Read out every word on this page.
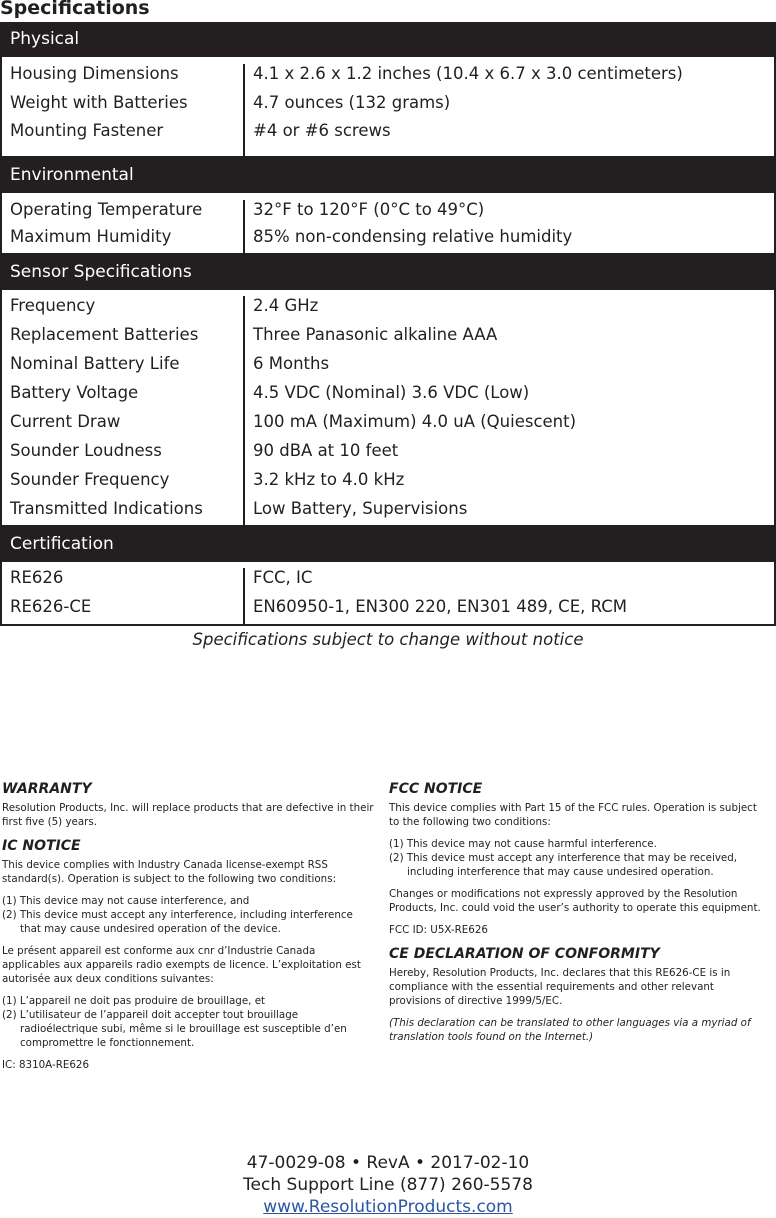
Specifications
Physical
Housing Dimensions
Weight with Batteries
Mounting Fastener
4.1 x 2.6 x 1.2 inches (10.4 x 6.7 x 3.0 centimeters)
4.7 ounces (132 grams)
#4 or #6 screws
Environmental
Operating Temperature
Maximum Humidity
32°F to 120°F (0°C to 49°C)
85% non-condensing relative humidity
Sensor Specifications
Frequency
Replacement Batteries
Nominal Battery Life
Battery Voltage
Current Draw
Sounder Loudness
Sounder Frequency
Transmitted Indications
2.4 GHz
Three Panasonic alkaline AAA
6 Months
4.5 VDC (Nominal) 3.6 VDC (Low)
100 mA (Maximum) 4.0 uA (Quiescent)
90 dBA at 10 feet
3.2 kHz to 4.0 kHz
Low Battery, Supervisions
Certification
RE626
RE626-CE
FCC, IC
EN60950-1, EN300 220, EN301 489, CE, RCM
Specifications subject to change without notice
WARRANTY
Resolution Products, Inc. will replace products that are defective in their first five (5) years.
IC NOTICE
This device complies with Industry Canada license-exempt RSS standard(s). Operation is subject to the following two conditions:
(1) This device may not cause interference, and
(2) This device must accept any interference, including interference that may cause undesired operation of the device.
Le présent appareil est conforme aux cnr d’Industrie Canada applicables aux appareils radio exempts de licence. L’exploitation est autorisée aux deux conditions suivantes:
(1) L’appareil ne doit pas produire de brouillage, et
(2) L’utilisateur de l’appareil doit accepter tout brouillage radioélectrique subi, même si le brouillage est susceptible d’en compromettre le fonctionnement.
IC: 8310A-RE626
FCC NOTICE
This device complies with Part 15 of the FCC rules. Operation is subject to the following two conditions:
(1) This device may not cause harmful interference.
(2) This device must accept any interference that may be received, including interference that may cause undesired operation.
Changes or modifications not expressly approved by the Resolution Products, Inc. could void the user’s authority to operate this equipment.
FCC ID: U5X-RE626
CE DECLARATION OF CONFORMITY
Hereby, Resolution Products, Inc. declares that this RE626-CE is in compliance with the essential requirements and other relevant provisions of directive 1999/5/EC.
(This declaration can be translated to other languages via a myriad of translation tools found on the Internet.)
47-0029-08 • RevA • 2017-02-10
Tech Support Line (877) 260-5578
www.ResolutionProducts.com
